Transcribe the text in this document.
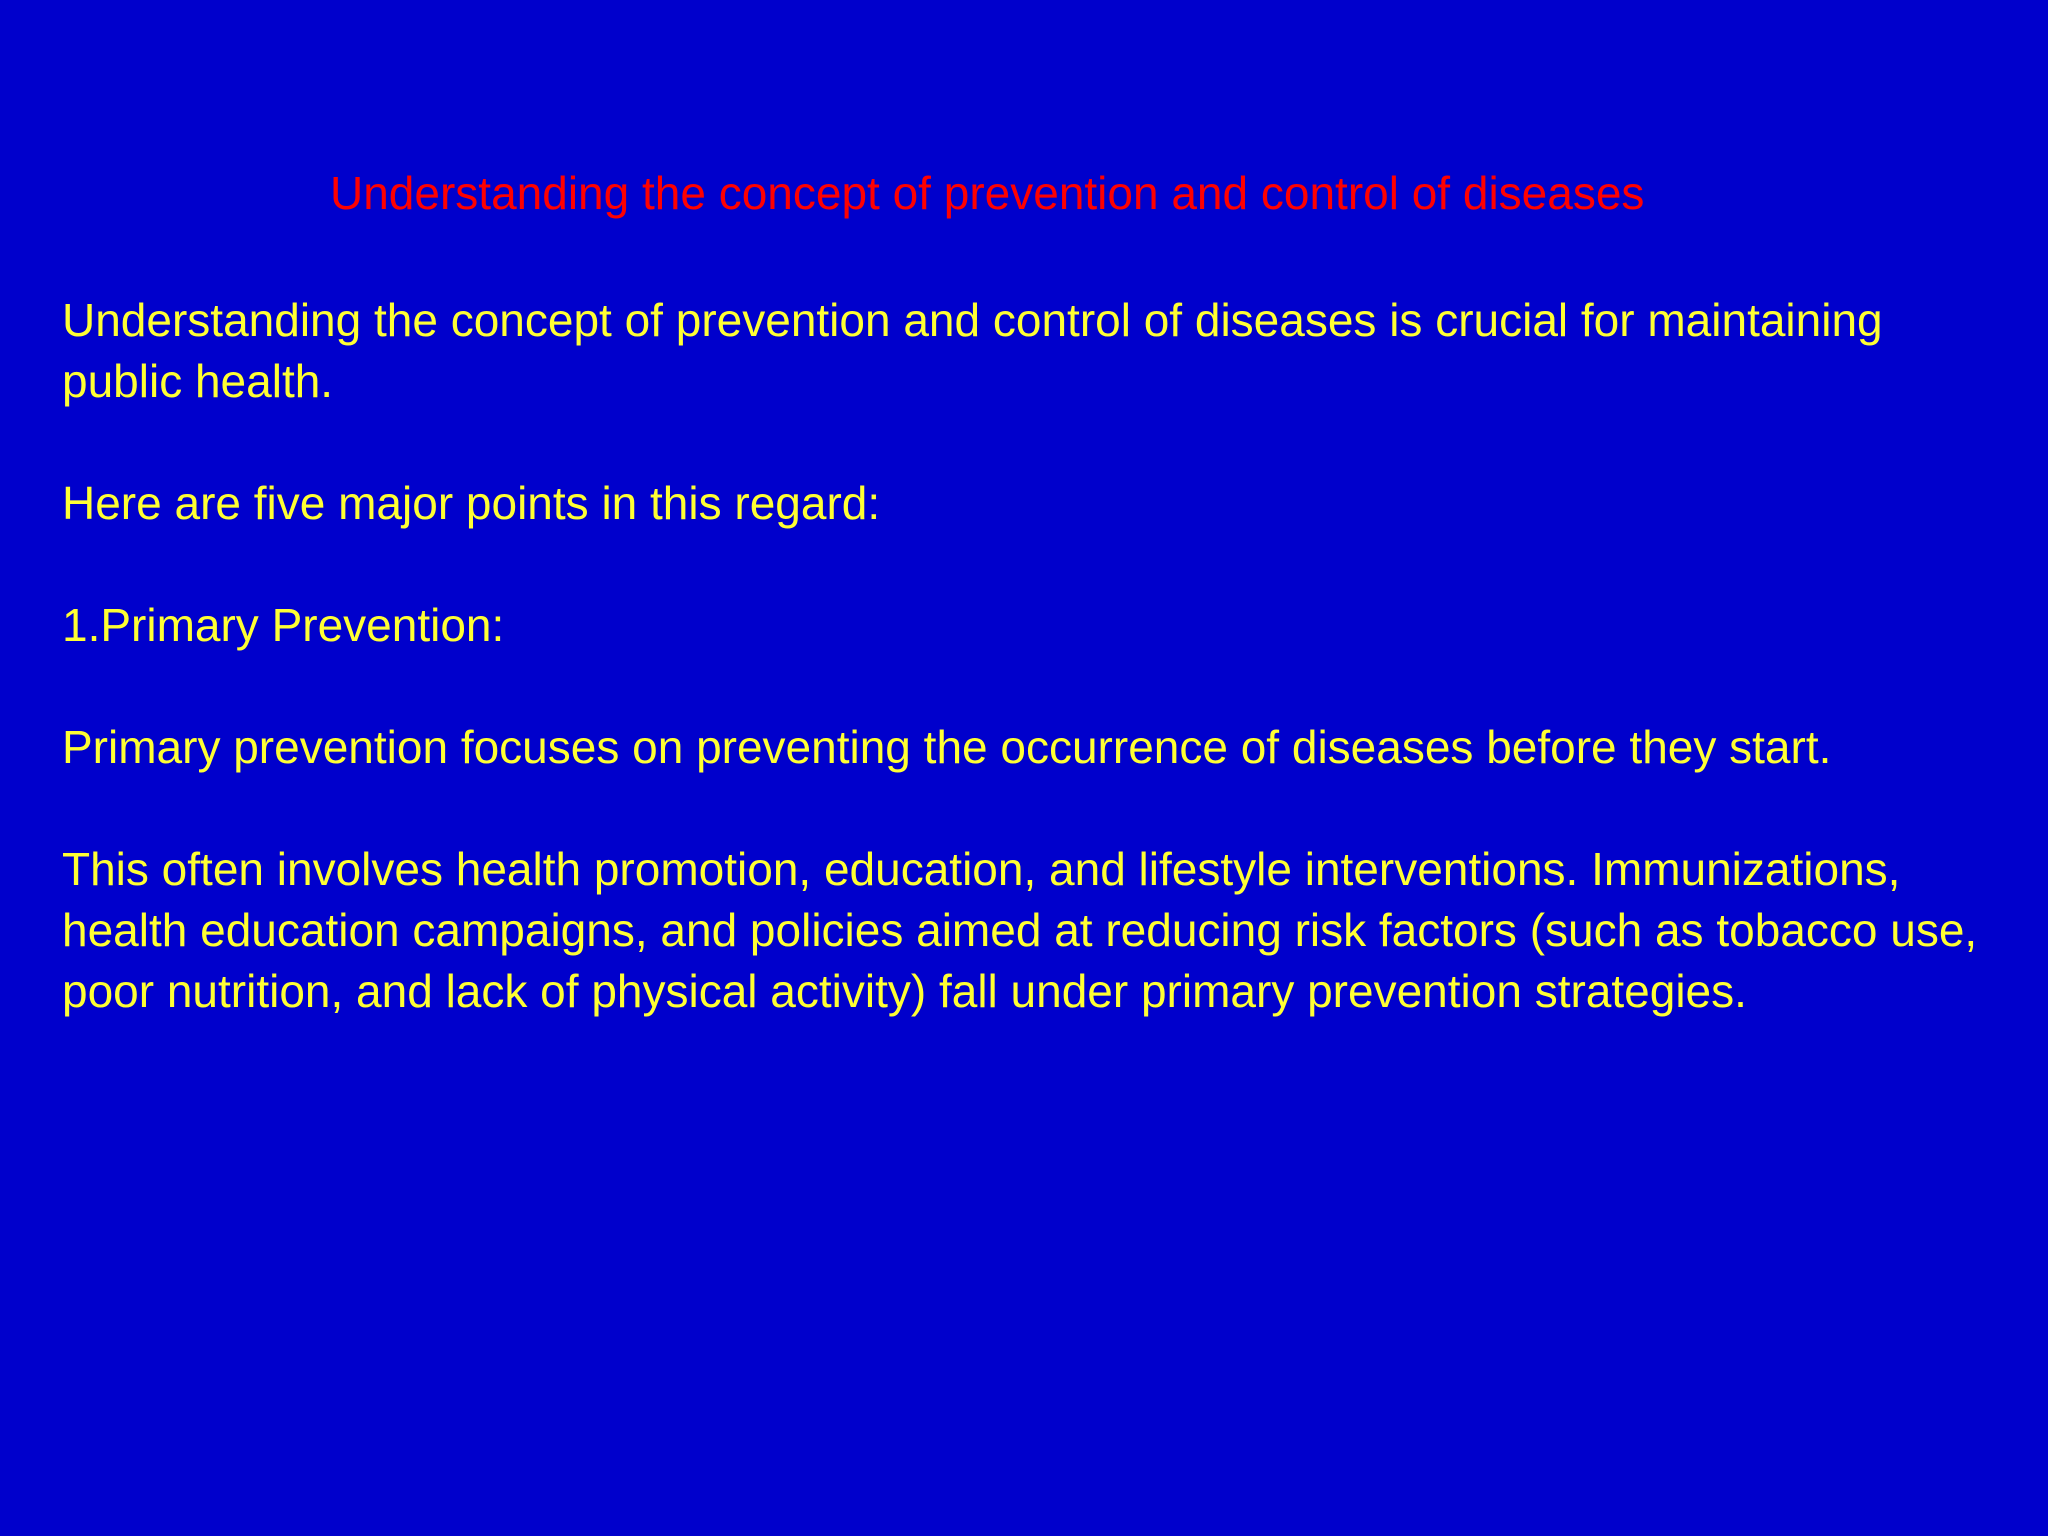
Understanding the concept of prevention and control of diseases

Understanding the concept of prevention and control of diseases is crucial for maintaining public health.

Here are five major points in this regard:

1.Primary Prevention:

Primary prevention focuses on preventing the occurrence of diseases before they start.

This often involves health promotion, education, and lifestyle interventions. Immunizations, health education campaigns, and policies aimed at reducing risk factors (such as tobacco use, poor nutrition, and lack of physical activity) fall under primary prevention strategies.
